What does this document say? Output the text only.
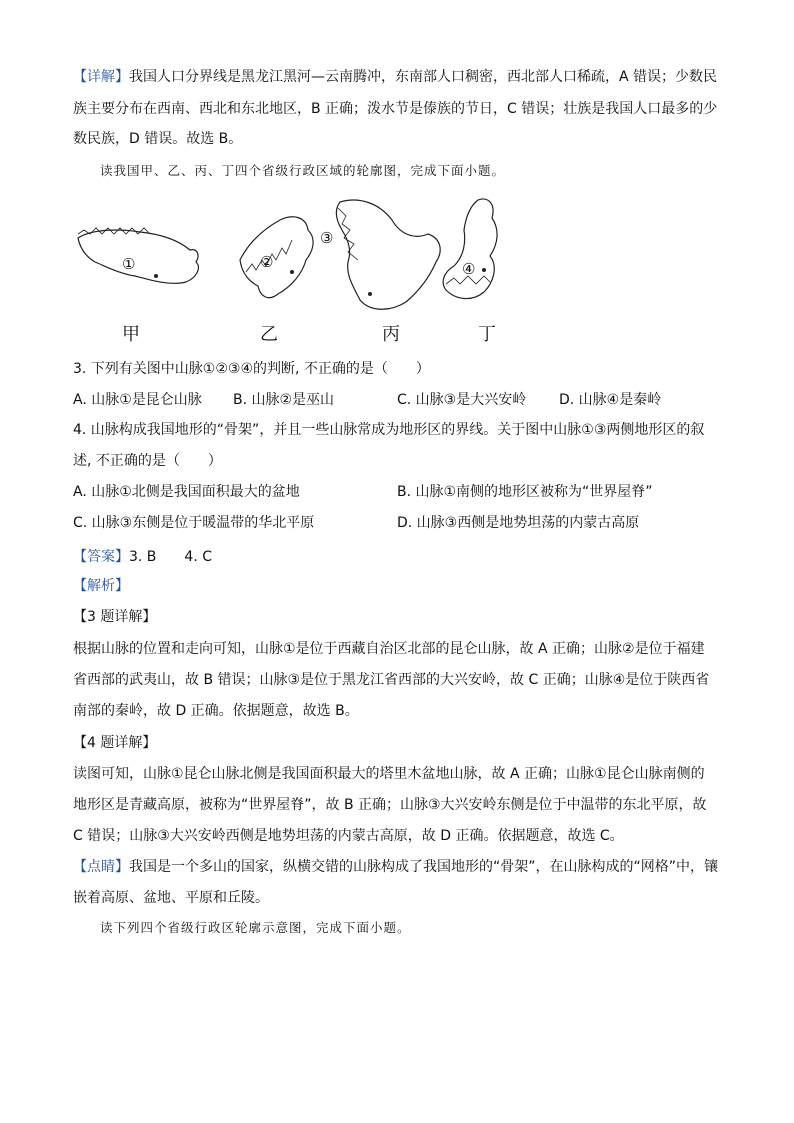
【详解】我国人口分界线是黑龙江黑河—云南腾冲，东南部人口稠密，西北部人口稀疏，A 错误；少数民
族主要分布在西南、西北和东北地区，B 正确；泼水节是傣族的节日，C 错误；壮族是我国人口最多的少
数民族，D 错误。故选 B。
读我国甲、乙、丙、丁四个省级行政区域的轮廓图，完成下面小题。
①	②
③
④
甲	乙	丙	丁
3. 下列有关图中山脉①②③④的判断, 不正确的是（　　）
A. 山脉①是昆仑山脉 B. 山脉②是巫山	C. 山脉③是大兴安岭 D. 山脉④是秦岭
4. 山脉构成我国地形的“骨架”，并且一些山脉常成为地形区的界线。关于图中山脉①③两侧地形区的叙
述, 不正确的是（　　）
A. 山脉①北侧是我国面积最大的盆地	B. 山脉①南侧的地形区被称为“世界屋脊”
C. 山脉③东侧是位于暖温带的华北平原	D. 山脉③西侧是地势坦荡的内蒙古高原
【答案】3. B　　4. C
【解析】
【3 题详解】
根据山脉的位置和走向可知，山脉①是位于西藏自治区北部的昆仑山脉，故 A 正确；山脉②是位于福建
省西部的武夷山，故 B 错误；山脉③是位于黑龙江省西部的大兴安岭，故 C 正确；山脉④是位于陕西省
南部的秦岭，故 D 正确。依据题意，故选 B。
【4 题详解】
读图可知，山脉①昆仑山脉北侧是我国面积最大的塔里木盆地山脉，故 A 正确；山脉①昆仑山脉南侧的
地形区是青藏高原，被称为“世界屋脊”，故 B 正确；山脉③大兴安岭东侧是位于中温带的东北平原，故
C 错误；山脉③大兴安岭西侧是地势坦荡的内蒙古高原，故 D 正确。依据题意，故选 C。
【点睛】我国是一个多山的国家，纵横交错的山脉构成了我国地形的“骨架”，在山脉构成的“网格”中，镶
嵌着高原、盆地、平原和丘陵。
读下列四个省级行政区轮廓示意图，完成下面小题。
